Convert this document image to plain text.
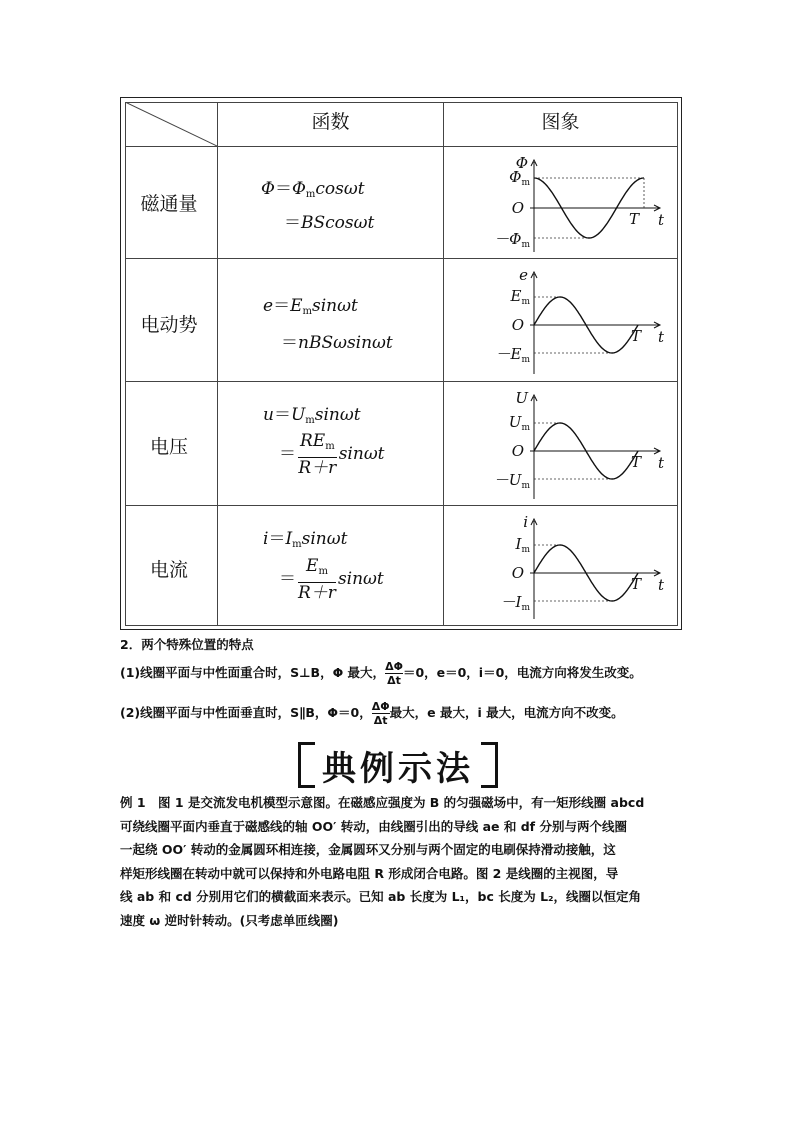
函数	图象
磁通量
$\Phi=\Phi_m\cos\omega t$
＝BScosωt
电动势
$e=E_m\sin\omega t$
＝nBSωsinωt
电压
$u=U_m\sin\omega t$
＝ $\frac{RE_m}{R+r}$ sinωt
电流
$i=I_m\sin\omega t$
＝ $\frac{E_m}{R+r}$ sinωt
Φ
$\Phi_m$
O
$-\Phi_m$
T t
e
$E_m$
O
$-E_m$
T t
U
$U_m$
O
$-U_m$
T t
i
$I_m$
O
$-I_m$
T t
2．两个特殊位置的特点
(1)线圈平面与中性面重合时，S⊥B，Φ 最大， $\frac{\Delta\Phi}{\Delta t} =0$，e＝0，i＝0，电流方向将发生改变。
(2)线圈平面与中性面垂直时，S∥B，Φ＝0， $\frac{\Delta\Phi}{\Delta t}$ 最大，e 最大，i 最大，电流方向不改变。
典例示法
例 1　图 1 是交流发电机模型示意图。在磁感应强度为 B 的匀强磁场中，有一矩形线圈 abcd
可绕线圈平面内垂直于磁感线的轴 OO′ 转动，由线圈引出的导线 ae 和 df 分别与两个线圈
一起绕 OO′ 转动的金属圆环相连接，金属圆环又分别与两个固定的电刷保持滑动接触，这
样矩形线圈在转动中就可以保持和外电路电阻 R 形成闭合电路。图 2 是线圈的主视图，导
线 ab 和 cd 分别用它们的横截面来表示。已知 ab 长度为 L₁，bc 长度为 L₂，线圈以恒定角
速度 ω 逆时针转动。(只考虑单匝线圈)
